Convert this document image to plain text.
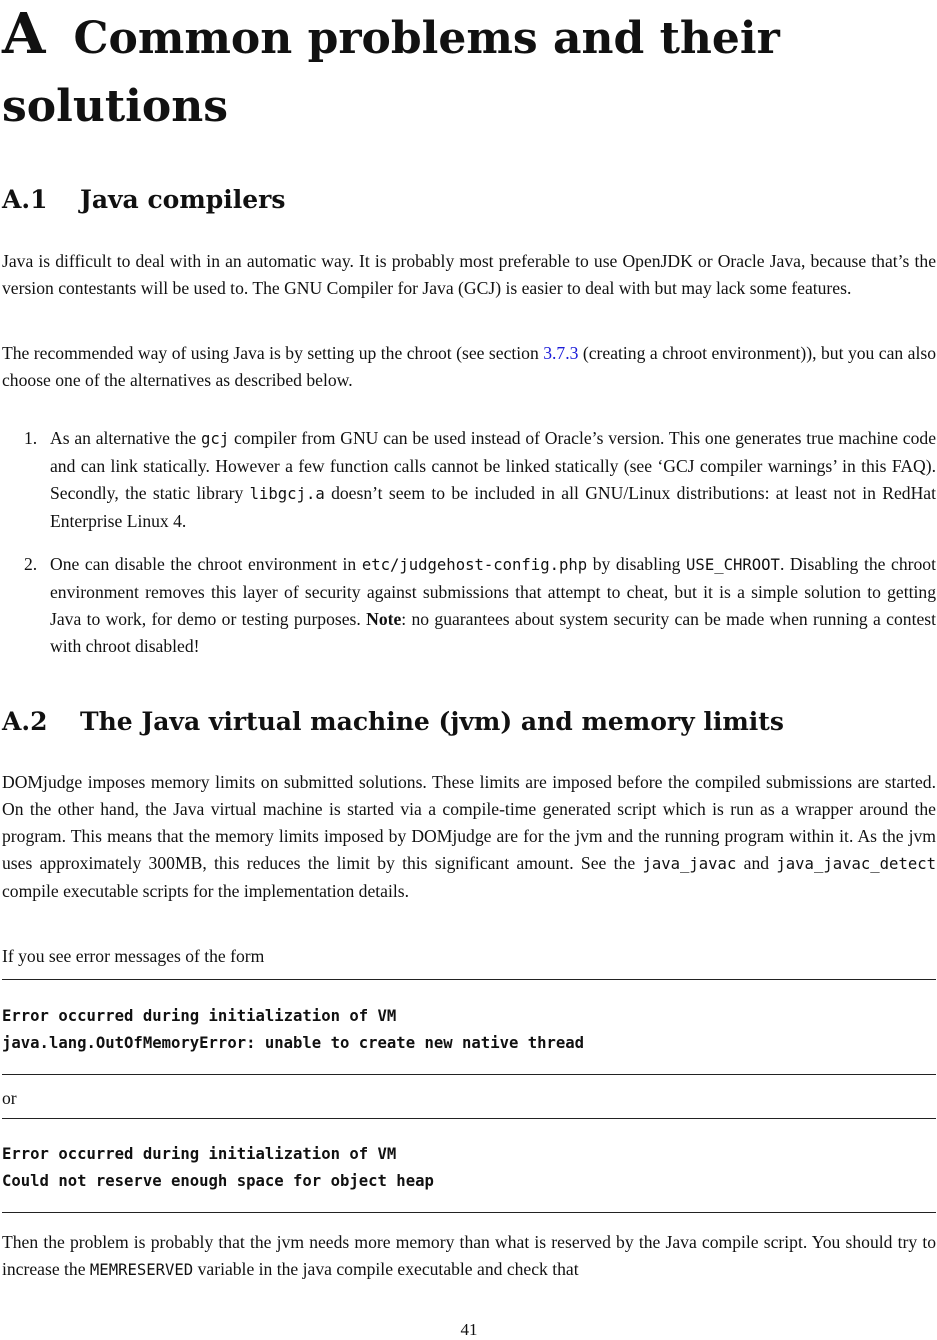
A Common problems and their solutions
A.1 Java compilers

Java is difficult to deal with in an automatic way. It is probably most preferable to use OpenJDK or Oracle Java, because that’s the version contestants will be used to. The GNU Compiler for Java (GCJ) is easier to deal with but may lack some features.

The recommended way of using Java is by setting up the chroot (see section 3.7.3 (creating a chroot environment)), but you can also choose one of the alternatives as described below.

1. As an alternative the gcj compiler from GNU can be used instead of Oracle’s version. This one generates true machine code and can link statically. However a few function calls cannot be linked statically (see ‘GCJ compiler warnings’ in this FAQ). Secondly, the static library libgcj.a doesn’t seem to be included in all GNU/Linux distributions: at least not in RedHat Enterprise Linux 4.
2. One can disable the chroot environment in etc/judgehost-config.php by disabling USE_CHROOT. Disabling the chroot environment removes this layer of security against submissions that attempt to cheat, but it is a simple solution to getting Java to work, for demo or testing purposes. Note: no guarantees about system security can be made when running a contest with chroot disabled!
A.2 The Java virtual machine (jvm) and memory limits

DOMjudge imposes memory limits on submitted solutions. These limits are imposed before the compiled submissions are started. On the other hand, the Java virtual machine is started via a compile-time generated script which is run as a wrapper around the program. This means that the memory limits imposed by DOMjudge are for the jvm and the running program within it. As the jvm uses approximately 300MB, this reduces the limit by this significant amount. See the java_javac and java_javac_detect compile executable scripts for the implementation details.

If you see error messages of the form

Error occurred during initialization of VM
java.lang.OutOfMemoryError: unable to create new native thread

or

Error occurred during initialization of VM
Could not reserve enough space for object heap

Then the problem is probably that the jvm needs more memory than what is reserved by the Java compile script. You should try to increase the MEMRESERVED variable in the java compile executable and check that

41
